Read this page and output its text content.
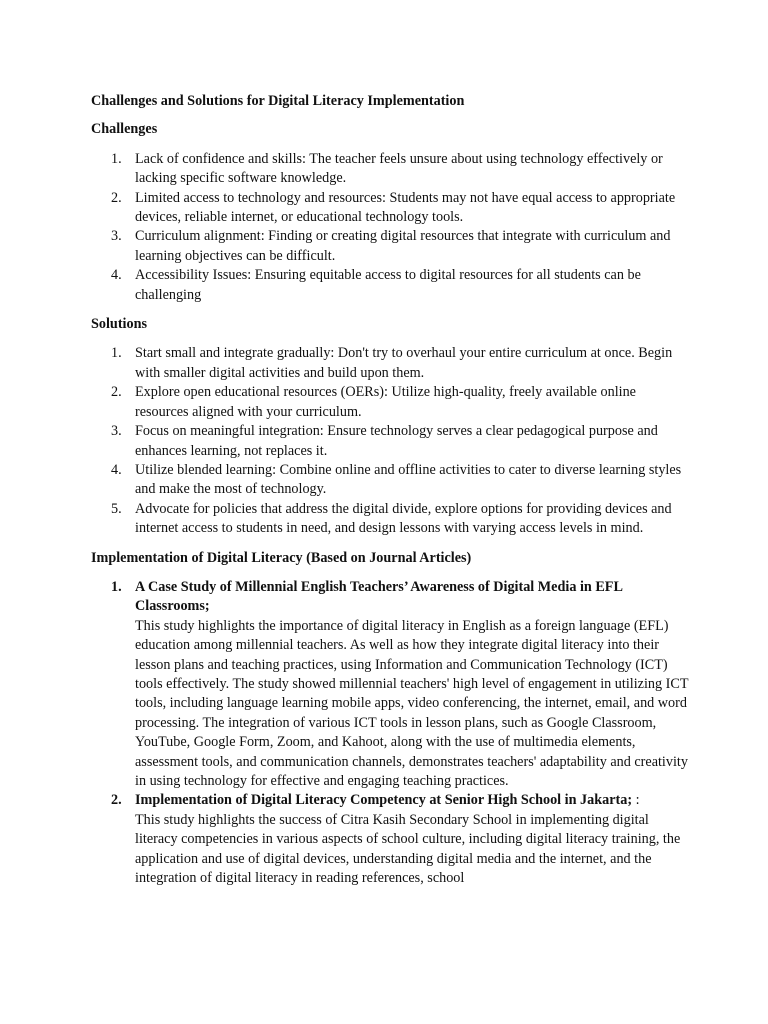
Challenges and Solutions for Digital Literacy Implementation

Challenges

1. Lack of confidence and skills: The teacher feels unsure about using technology effectively or lacking specific software knowledge.
2. Limited access to technology and resources: Students may not have equal access to appropriate devices, reliable internet, or educational technology tools.
3. Curriculum alignment: Finding or creating digital resources that integrate with curriculum and learning objectives can be difficult.
4. Accessibility Issues: Ensuring equitable access to digital resources for all students can be challenging

Solutions

1. Start small and integrate gradually: Don't try to overhaul your entire curriculum at once. Begin with smaller digital activities and build upon them.
2. Explore open educational resources (OERs): Utilize high-quality, freely available online resources aligned with your curriculum.
3. Focus on meaningful integration: Ensure technology serves a clear pedagogical purpose and enhances learning, not replaces it.
4. Utilize blended learning: Combine online and offline activities to cater to diverse learning styles and make the most of technology.
5. Advocate for policies that address the digital divide, explore options for providing devices and internet access to students in need, and design lessons with varying access levels in mind.

Implementation of Digital Literacy (Based on Journal Articles)

1. A Case Study of Millennial English Teachers’ Awareness of Digital Media in EFL Classrooms;
This study highlights the importance of digital literacy in English as a foreign language (EFL) education among millennial teachers. As well as how they integrate digital literacy into their lesson plans and teaching practices, using Information and Communication Technology (ICT) tools effectively. The study showed millennial teachers' high level of engagement in utilizing ICT tools, including language learning mobile apps, video conferencing, the internet, email, and word processing. The integration of various ICT tools in lesson plans, such as Google Classroom, YouTube, Google Form, Zoom, and Kahoot, along with the use of multimedia elements, assessment tools, and communication channels, demonstrates teachers' adaptability and creativity in using technology for effective and engaging teaching practices.
2. Implementation of Digital Literacy Competency at Senior High School in Jakarta; :
This study highlights the success of Citra Kasih Secondary School in implementing digital literacy competencies in various aspects of school culture, including digital literacy training, the application and use of digital devices, understanding digital media and the internet, and the integration of digital literacy in reading references, school
